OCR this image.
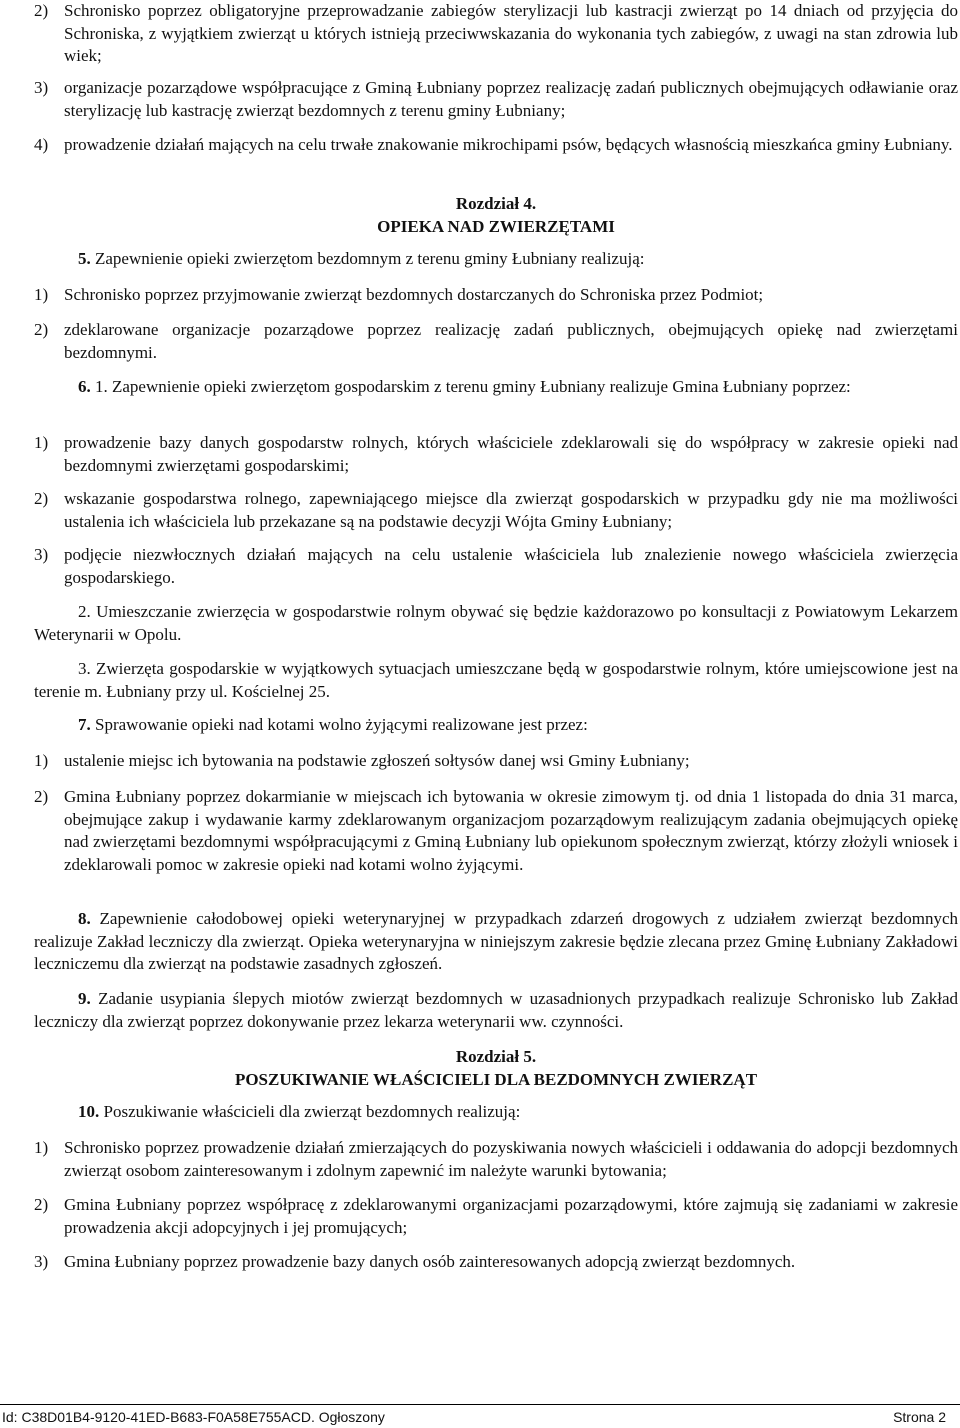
2) Schronisko poprzez obligatoryjne przeprowadzanie zabiegów sterylizacji lub kastracji zwierząt po 14 dniach od przyjęcia do Schroniska, z wyjątkiem zwierząt u których istnieją przeciwwskazania do wykonania tych zabiegów, z uwagi na stan zdrowia lub wiek;
3) organizacje pozarządowe współpracujące z Gminą Łubniany poprzez realizację zadań publicznych obejmujących odławianie oraz sterylizację lub kastrację zwierząt bezdomnych z terenu gminy Łubniany;
4) prowadzenie działań mających na celu trwałe znakowanie mikrochipami psów, będących własnością mieszkańca gminy Łubniany.
Rozdział 4.
OPIEKA NAD ZWIERZĘTAMI
5. Zapewnienie opieki zwierzętom bezdomnym z terenu gminy Łubniany realizują:
1) Schronisko poprzez przyjmowanie zwierząt bezdomnych dostarczanych do Schroniska przez Podmiot;
2) zdeklarowane organizacje pozarządowe poprzez realizację zadań publicznych, obejmujących opiekę nad zwierzętami bezdomnymi.
6. 1. Zapewnienie opieki zwierzętom gospodarskim z terenu gminy Łubniany realizuje Gmina Łubniany poprzez:
1) prowadzenie bazy danych gospodarstw rolnych, których właściciele zdeklarowali się do współpracy w zakresie opieki nad bezdomnymi zwierzętami gospodarskimi;
2) wskazanie gospodarstwa rolnego, zapewniającego miejsce dla zwierząt gospodarskich w przypadku gdy nie ma możliwości ustalenia ich właściciela lub przekazane są na podstawie decyzji Wójta Gminy Łubniany;
3) podjęcie niezwłocznych działań mających na celu ustalenie właściciela lub znalezienie nowego właściciela zwierzęcia gospodarskiego.
2. Umieszczanie zwierzęcia w gospodarstwie rolnym obywać się będzie każdorazowo po konsultacji z Powiatowym Lekarzem Weterynarii w Opolu.
3. Zwierzęta gospodarskie w wyjątkowych sytuacjach umieszczane będą w gospodarstwie rolnym, które umiejscowione jest na terenie m. Łubniany przy ul. Kościelnej 25.
7. Sprawowanie opieki nad kotami wolno żyjącymi realizowane jest przez:
1) ustalenie miejsc ich bytowania na podstawie zgłoszeń sołtysów danej wsi Gminy Łubniany;
2) Gmina Łubniany poprzez dokarmianie w miejscach ich bytowania w okresie zimowym tj. od dnia 1 listopada do dnia 31 marca, obejmujące zakup i wydawanie karmy zdeklarowanym organizacjom pozarządowym realizującym zadania obejmujących opiekę nad zwierzętami bezdomnymi współpracującymi z Gminą Łubniany lub opiekunom społecznym zwierząt, którzy złożyli wniosek i zdeklarowali pomoc w zakresie opieki nad kotami wolno żyjącymi.
8. Zapewnienie całodobowej opieki weterynaryjnej w przypadkach zdarzeń drogowych z udziałem zwierząt bezdomnych realizuje Zakład leczniczy dla zwierząt. Opieka weterynaryjna w niniejszym zakresie będzie zlecana przez Gminę Łubniany Zakładowi leczniczemu dla zwierząt na podstawie zasadnych zgłoszeń.
9. Zadanie usypiania ślepych miotów zwierząt bezdomnych w uzasadnionych przypadkach realizuje Schronisko lub Zakład leczniczy dla zwierząt poprzez dokonywanie przez lekarza weterynarii ww. czynności.
Rozdział 5.
POSZUKIWANIE WŁAŚCICIELI DLA BEZDOMNYCH ZWIERZĄT
10. Poszukiwanie właścicieli dla zwierząt bezdomnych realizują:
1) Schronisko poprzez prowadzenie działań zmierzających do pozyskiwania nowych właścicieli i oddawania do adopcji bezdomnych zwierząt osobom zainteresowanym i zdolnym zapewnić im należyte warunki bytowania;
2) Gmina Łubniany poprzez współpracę z zdeklarowanymi organizacjami pozarządowymi, które zajmują się zadaniami w zakresie prowadzenia akcji adopcyjnych i jej promujących;
3) Gmina Łubniany poprzez prowadzenie bazy danych osób zainteresowanych adopcją zwierząt bezdomnych.
Id: C38D01B4-9120-41ED-B683-F0A58E755ACD. Ogłoszony	Strona 2
